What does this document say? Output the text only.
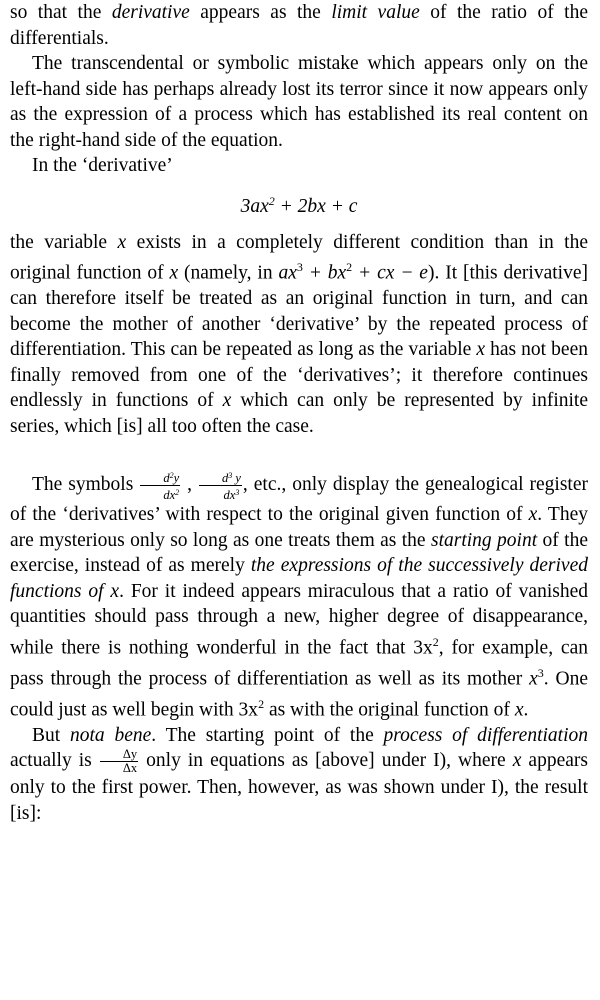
so that the derivative appears as the limit value of the ratio of the differentials.

The transcendental or symbolic mistake which appears only on the left-hand side has perhaps already lost its terror since it now appears only as the expression of a process which has established its real content on the right-hand side of the equation.

In the ‘derivative’

$3ax^2 + 2bx + c$

the variable x exists in a completely different condition than in the original function of x (namely, in $ax^3 + bx^2$ + cx − e). It [this derivative] can therefore itself be treated as an original function in turn, and can become the mother of another ‘derivative’ by the repeated process of differentiation. This can be repeated as long as the variable x has not been finally removed from one of the ‘derivatives’; it therefore continues endlessly in functions of x which can only be represented by infinite series, which [is] all too often the case.

The symbols $\frac{d^2y}{dx^2}$ , $\frac{d^3 y}{dx^3}$ , etc., only display the genealogical register of the ‘derivatives’ with respect to the original given function of x. They are mysterious only so long as one treats them as the starting point of the exercise, instead of as merely the expressions of the successively derived functions of x. For it indeed appears miraculous that a ratio of vanished quantities should pass through a new, higher degree of disappearance, while there is nothing wonderful in the fact that $3x^2$, for example, can pass through the process of differentiation as well as its mother $x^3$. One could just as well begin with $3x^2$ as with the original function of x.

But nota bene. The starting point of the process of differentiation actually is $\frac{\Delta y}{\Delta x}$ only in equations as [above] under I), where x appears only to the first power. Then, however, as was shown under I), the result [is]:
